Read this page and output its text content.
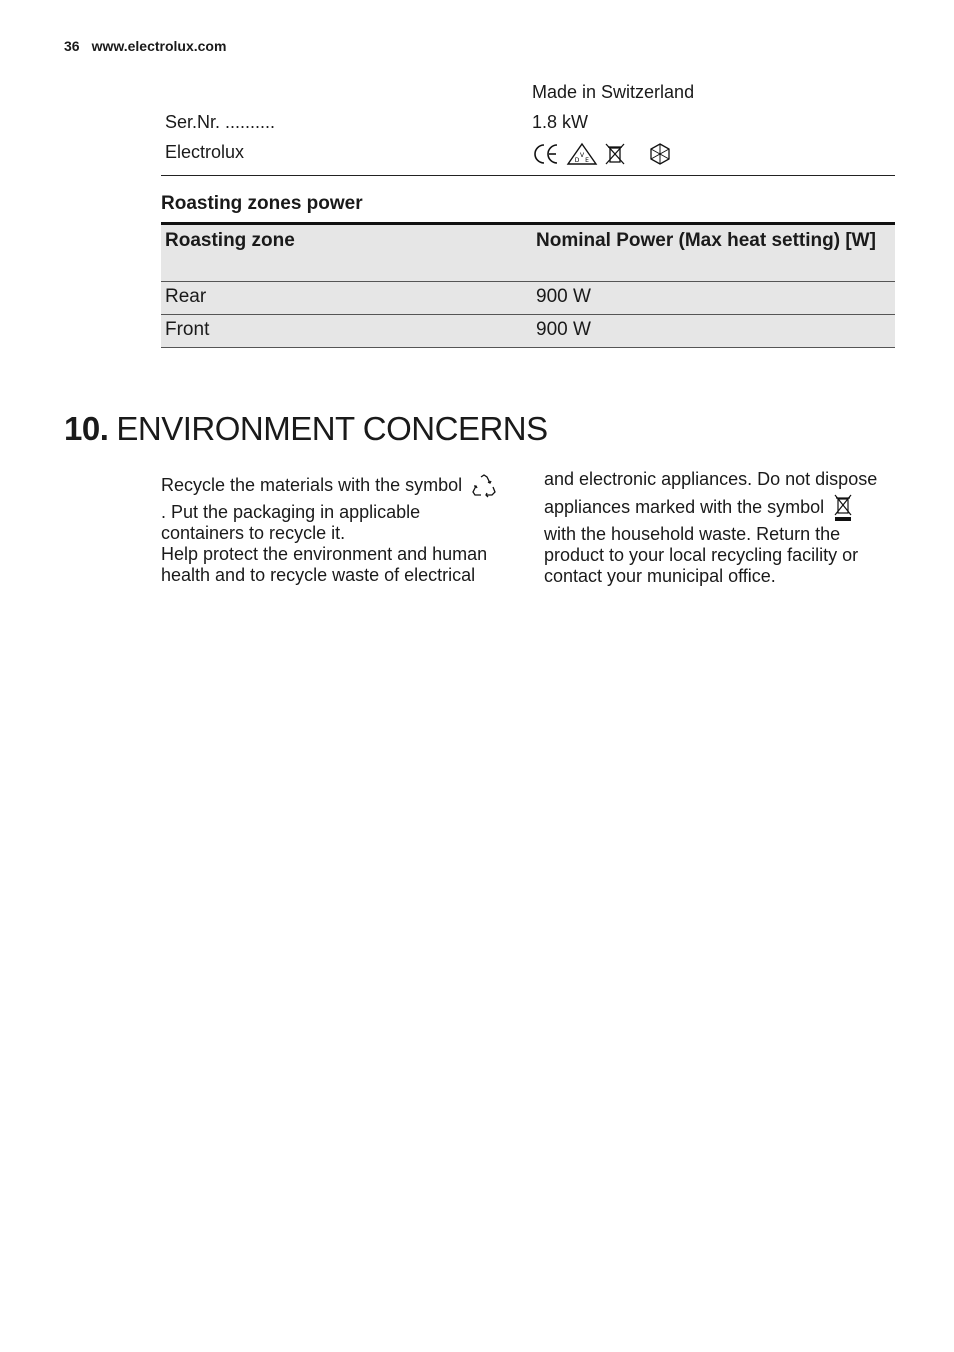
36 www.electrolux.com
Made in Switzerland
Ser.Nr. ..........	1.8 kW
Electrolux	V
D E
Roasting zones power
Roasting zone	Nominal Power (Max heat setting) [W]
Rear	900 W
Front	900 W
10. ENVIRONMENT CONCERNS
Recycle the materials with the symbol
. Put the packaging in applicable
containers to recycle it.
Help protect the environment and human
health and to recycle waste of electrical
and electronic appliances. Do not dispose
appliances marked with the symbol
with the household waste. Return the
product to your local recycling facility or
contact your municipal office.
